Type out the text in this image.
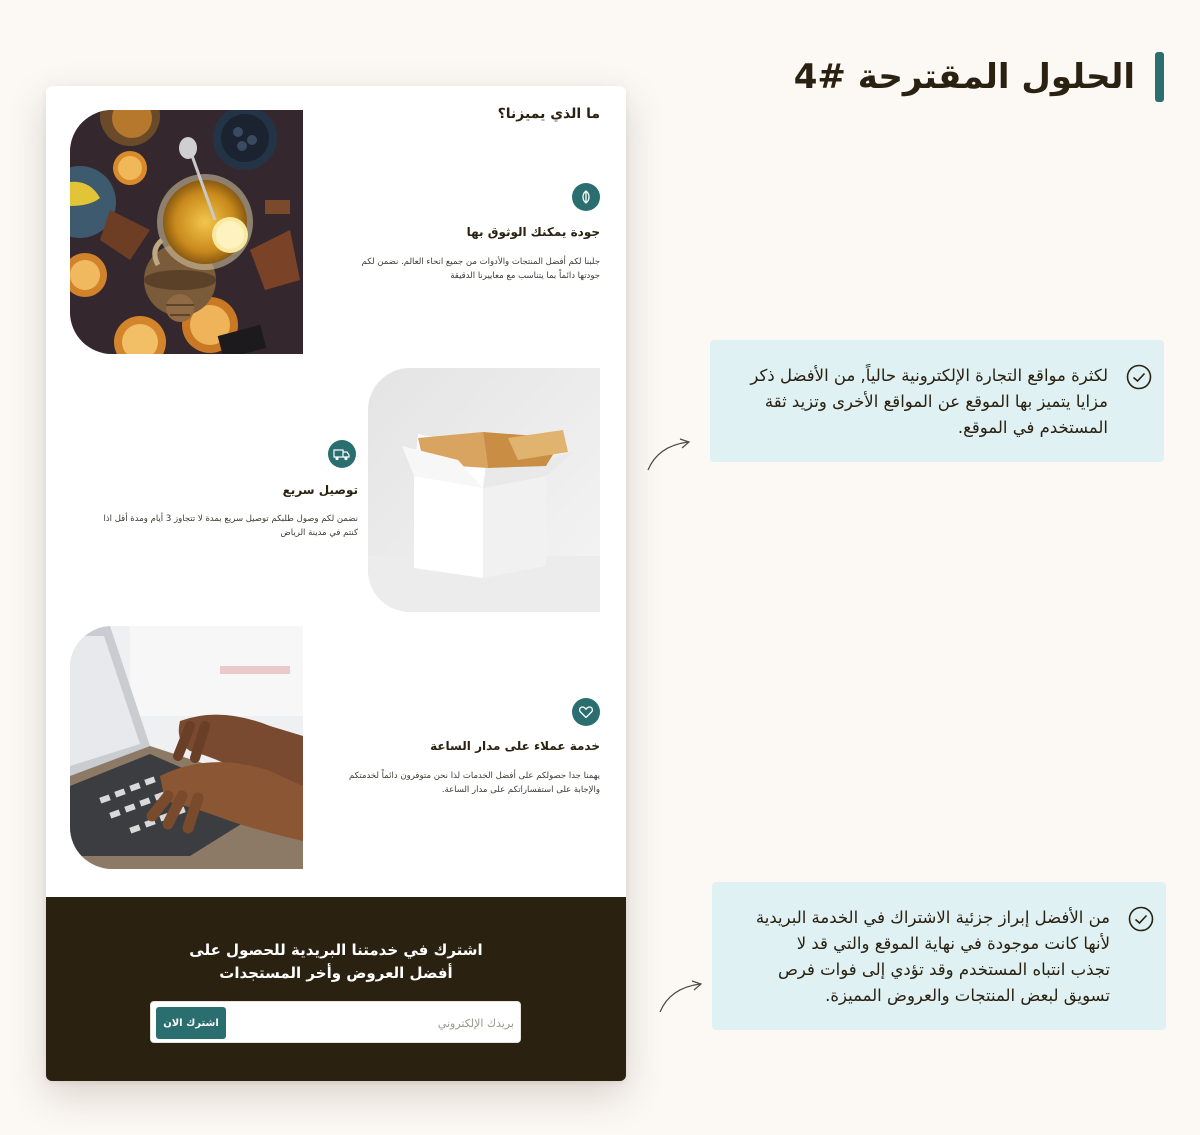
الحلول المقترحة #4
ما الذي يميزنا؟
جودة يمكنك الوثوق بها
جلبنا لكم أفضل المنتجات والأدوات من جميع انحاء العالم. نضمن لكم
جودتها دائماً بما يتناسب مع معاييرنا الدقيقة
توصيل سريع
نضمن لكم وصول طلبكم توصيل سريع بمدة لا تتجاوز 3 أيام ومدة أقل اذا
كنتم في مدينة الرياض
خدمة عملاء على مدار الساعة
يهمنا جدا حصولكم على أفضل الخدمات لذا نحن متوفرون دائماً لخدمتكم
والإجابة على استفساراتكم على مدار الساعة.
اشترك في خدمتنا البريدية للحصول على
أفضل العروض وأخر المستجدات
بريدك الإلكتروني
اشترك الان
لكثرة مواقع التجارة الإلكترونية حالياً, من الأفضل ذكر
مزايا يتميز بها الموقع عن المواقع الأخرى وتزيد ثقة
المستخدم في الموقع.
من الأفضل إبراز جزئية الاشتراك في الخدمة البريدية
لأنها كانت موجودة في نهاية الموقع والتي قد لا
تجذب انتباه المستخدم وقد تؤدي إلى فوات فرص
تسويق لبعض المنتجات والعروض المميزة.
